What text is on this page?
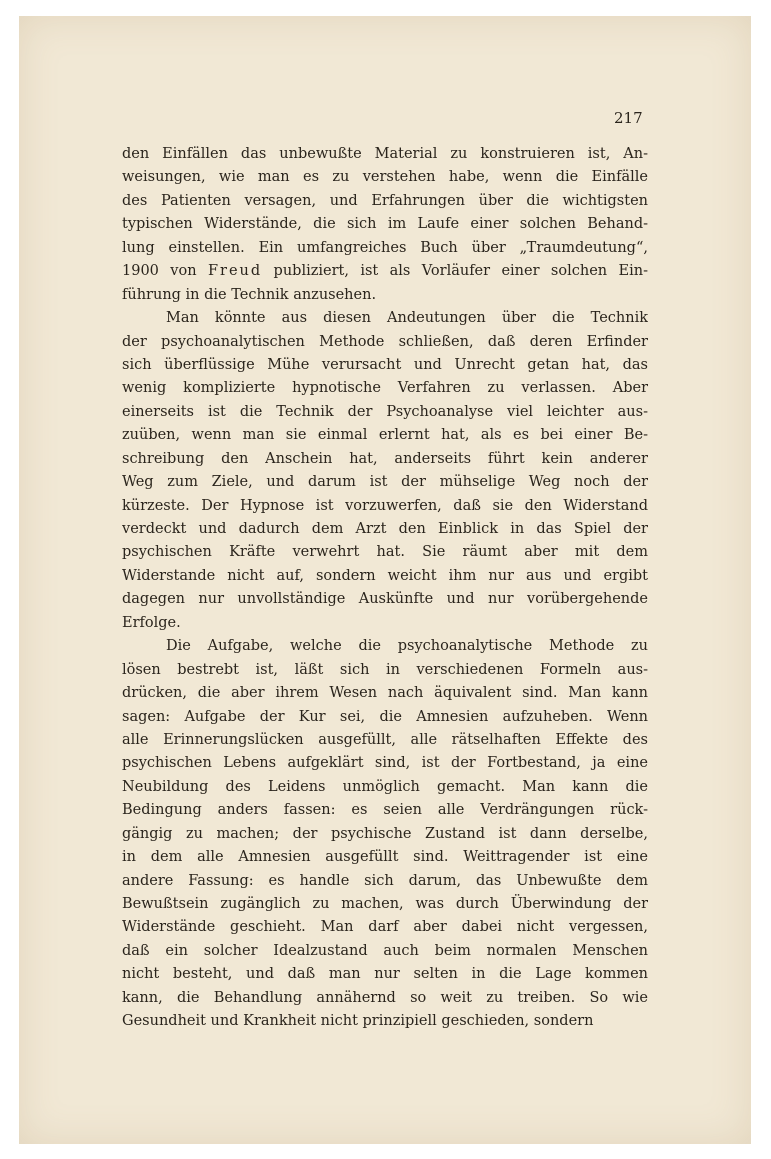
217
den Einfällen das unbewußte Material zu konstruieren ist, An-
weisungen, wie man es zu verstehen habe, wenn die Einfälle
des Patienten versagen, und Erfahrungen über die wichtigsten
typischen Widerstände, die sich im Laufe einer solchen Behand-
lung einstellen. Ein umfangreiches Buch über „Traumdeutung“,
1900 von Freud publiziert, ist als Vorläufer einer solchen Ein-
führung in die Technik anzusehen.
Man könnte aus diesen Andeutungen über die Technik
der psychoanalytischen Methode schließen, daß deren Erfinder
sich überflüssige Mühe verursacht und Unrecht getan hat, das
wenig komplizierte hypnotische Verfahren zu verlassen. Aber
einerseits ist die Technik der Psychoanalyse viel leichter aus-
zuüben, wenn man sie einmal erlernt hat, als es bei einer Be-
schreibung den Anschein hat, anderseits führt kein anderer
Weg zum Ziele, und darum ist der mühselige Weg noch der
kürzeste. Der Hypnose ist vorzuwerfen, daß sie den Widerstand
verdeckt und dadurch dem Arzt den Einblick in das Spiel der
psychischen Kräfte verwehrt hat. Sie räumt aber mit dem
Widerstande nicht auf, sondern weicht ihm nur aus und ergibt
dagegen nur unvollständige Auskünfte und nur vorübergehende
Erfolge.
Die Aufgabe, welche die psychoanalytische Methode zu
lösen bestrebt ist, läßt sich in verschiedenen Formeln aus-
drücken, die aber ihrem Wesen nach äquivalent sind. Man kann
sagen: Aufgabe der Kur sei, die Amnesien aufzuheben. Wenn
alle Erinnerungslücken ausgefüllt, alle rätselhaften Effekte des
psychischen Lebens aufgeklärt sind, ist der Fortbestand, ja eine
Neubildung des Leidens unmöglich gemacht. Man kann die
Bedingung anders fassen: es seien alle Verdrängungen rück-
gängig zu machen; der psychische Zustand ist dann derselbe,
in dem alle Amnesien ausgefüllt sind. Weittragender ist eine
andere Fassung: es handle sich darum, das Unbewußte dem
Bewußtsein zugänglich zu machen, was durch Überwindung der
Widerstände geschieht. Man darf aber dabei nicht vergessen,
daß ein solcher Idealzustand auch beim normalen Menschen
nicht besteht, und daß man nur selten in die Lage kommen
kann, die Behandlung annähernd so weit zu treiben. So wie
Gesundheit und Krankheit nicht prinzipiell geschieden, sondern
